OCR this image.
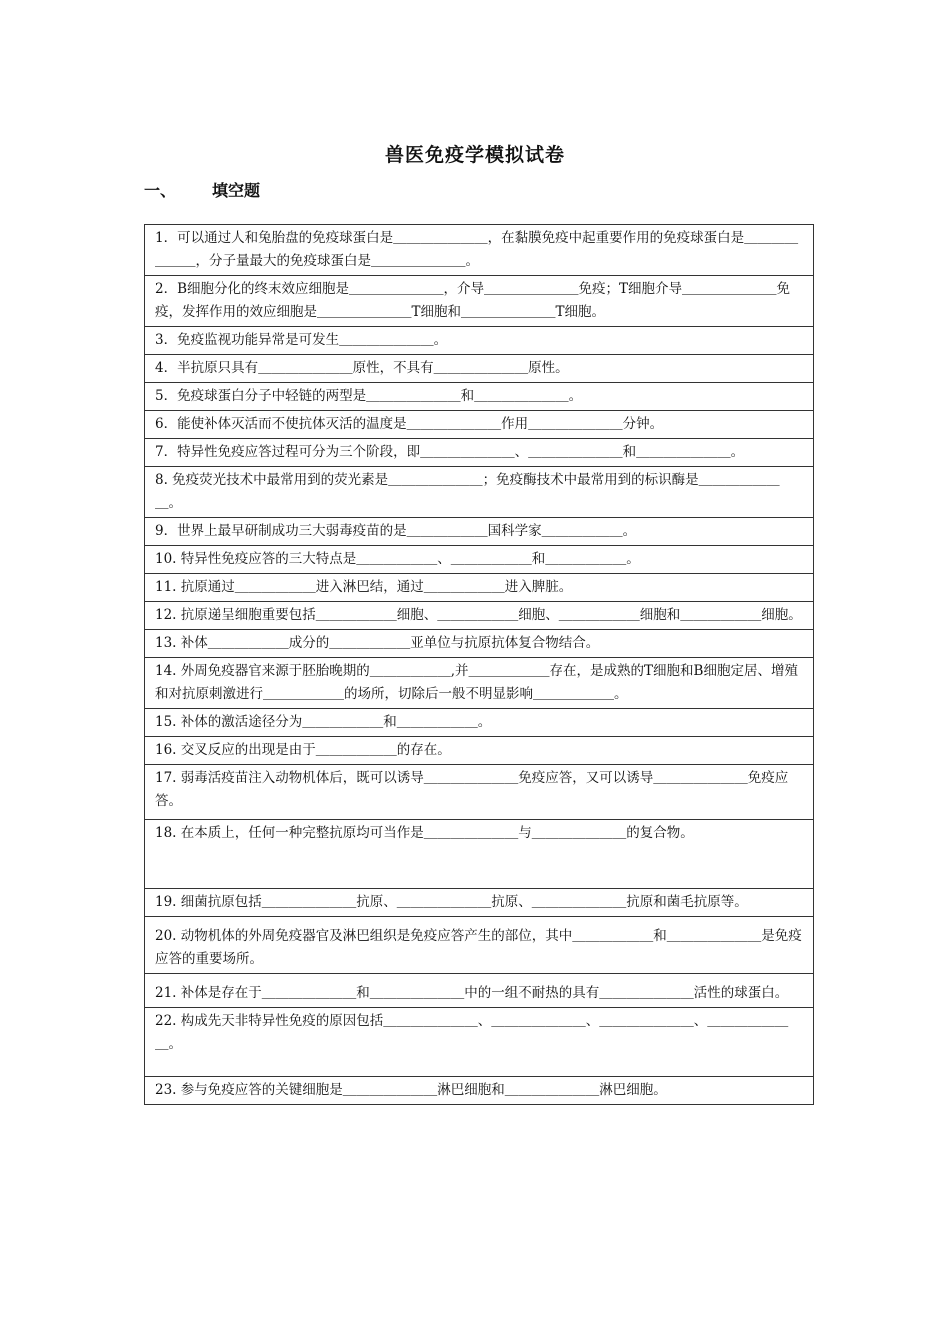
兽医免疫学模拟试卷
一、 填空题
1．可以通过人和兔胎盘的免疫球蛋白是＿＿＿＿＿＿＿，在黏膜免疫中起重要作用的免疫球蛋白是＿＿＿＿＿＿＿，分子量最大的免疫球蛋白是＿＿＿＿＿＿＿。
2．B细胞分化的终末效应细胞是＿＿＿＿＿＿＿，介导＿＿＿＿＿＿＿免疫；T细胞介导＿＿＿＿＿＿＿免疫，发挥作用的效应细胞是＿＿＿＿＿＿＿T细胞和＿＿＿＿＿＿＿T细胞。
3．免疫监视功能异常是可发生＿＿＿＿＿＿＿。
4．半抗原只具有＿＿＿＿＿＿＿原性，不具有＿＿＿＿＿＿＿原性。
5．免疫球蛋白分子中轻链的两型是＿＿＿＿＿＿＿和＿＿＿＿＿＿＿。
6．能使补体灭活而不使抗体灭活的温度是＿＿＿＿＿＿＿作用＿＿＿＿＿＿＿分钟。
7．特异性免疫应答过程可分为三个阶段，即＿＿＿＿＿＿＿、＿＿＿＿＿＿＿和＿＿＿＿＿＿＿。
8. 免疫荧光技术中最常用到的荧光素是＿＿＿＿＿＿＿；免疫酶技术中最常用到的标识酶是＿＿＿＿＿＿＿。
9．世界上最早研制成功三大弱毒疫苗的是＿＿＿＿＿＿国科学家＿＿＿＿＿＿。
10. 特异性免疫应答的三大特点是＿＿＿＿＿＿、＿＿＿＿＿＿和＿＿＿＿＿＿。
11. 抗原通过＿＿＿＿＿＿进入淋巴结，通过＿＿＿＿＿＿进入脾脏。
12. 抗原递呈细胞重要包括＿＿＿＿＿＿细胞、＿＿＿＿＿＿细胞、＿＿＿＿＿＿细胞和＿＿＿＿＿＿细胞。
13. 补体＿＿＿＿＿＿成分的＿＿＿＿＿＿亚单位与抗原抗体复合物结合。
14. 外周免疫器官来源于胚胎晚期的＿＿＿＿＿＿,并＿＿＿＿＿＿存在，是成熟的T细胞和B细胞定居、增殖和对抗原刺激进行＿＿＿＿＿＿的场所，切除后一般不明显影响＿＿＿＿＿＿。
15. 补体的激活途径分为＿＿＿＿＿＿和＿＿＿＿＿＿。
16. 交叉反应的出现是由于＿＿＿＿＿＿的存在。
17. 弱毒活疫苗注入动物机体后，既可以诱导＿＿＿＿＿＿＿免疫应答，又可以诱导＿＿＿＿＿＿＿免疫应答。
18. 在本质上，任何一种完整抗原均可当作是＿＿＿＿＿＿＿与＿＿＿＿＿＿＿的复合物。
19. 细菌抗原包括＿＿＿＿＿＿＿抗原、＿＿＿＿＿＿＿抗原、＿＿＿＿＿＿＿抗原和菌毛抗原等。
20. 动物机体的外周免疫器官及淋巴组织是免疫应答产生的部位，其中＿＿＿＿＿＿和＿＿＿＿＿＿＿是免疫应答的重要场所。
21. 补体是存在于＿＿＿＿＿＿＿和＿＿＿＿＿＿＿中的一组不耐热的具有＿＿＿＿＿＿＿活性的球蛋白。
22. 构成先天非特异性免疫的原因包括＿＿＿＿＿＿＿、＿＿＿＿＿＿＿、＿＿＿＿＿＿＿、＿＿＿＿＿＿＿。
23. 参与免疫应答的关键细胞是＿＿＿＿＿＿＿淋巴细胞和＿＿＿＿＿＿＿淋巴细胞。
